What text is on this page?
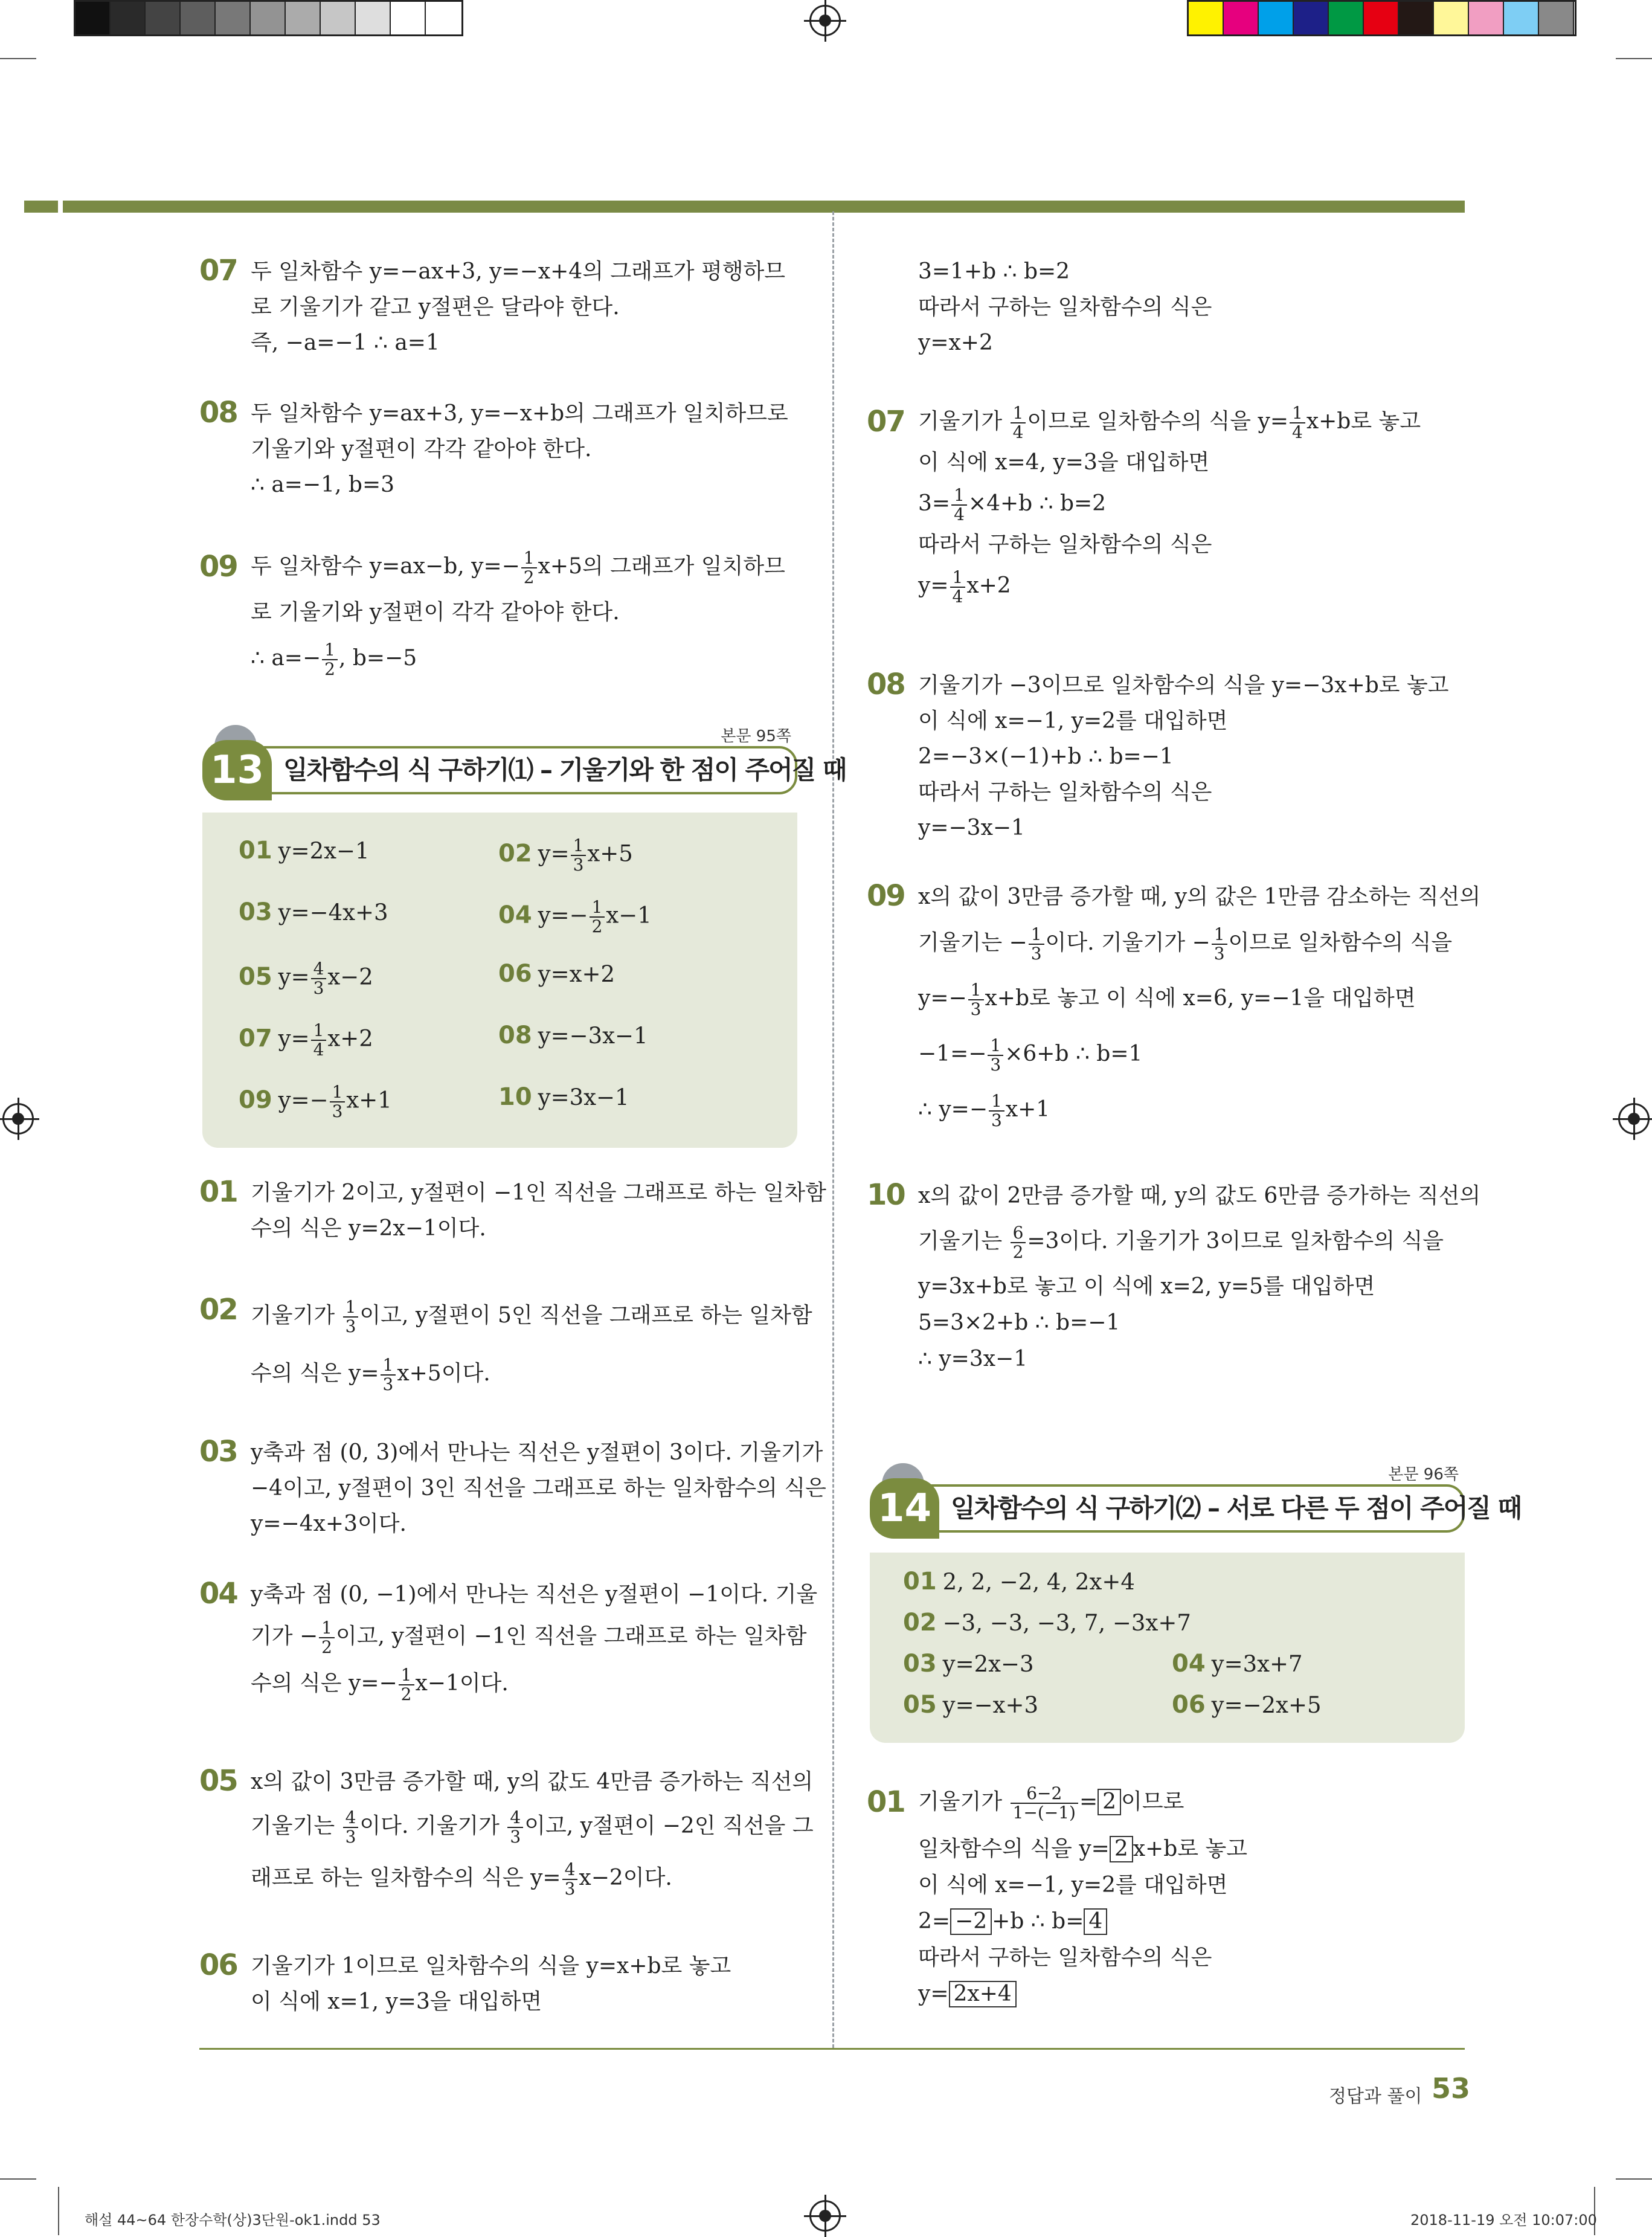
07 두 일차함수 y=−ax+3, y=−x+4의 그래프가 평행하므
로 기울기가 같고 y절편은 달라야 한다.
즉, −a=−1 ∴ a=1
08 두 일차함수 y=ax+3, y=−x+b의 그래프가 일치하므로
기울기와 y절편이 각각 같아야 한다.
∴ a=−1, b=3
09 두 일차함수 y=ax−b, $y=- \frac{1}{2} x+5$의 그래프가 일치하므
로 기울기와 y절편이 각각 같아야 한다.
∴ $a=- \frac{1}{2}$ , b=−5
본문 95쪽
일차함수의 식 구하기⑴ – 기울기와 한 점이 주어질 때
13
01 y=2x−1	02 $y= \frac{1}{3} x+5$
03 y=−4x+3	04 $y=- \frac{1}{2} x-1$
05 $y= \frac{4}{3} x-2$	06 y=x+2
07 $y= \frac{1}{4} x+2$	08 y=−3x−1
09 $y=- \frac{1}{3} x+1$	10 y=3x−1
01 기울기가 2이고, y절편이 −1인 직선을 그래프로 하는 일차함
수의 식은 y=2x−1이다.
02 기울기가 $\frac{1}{3}$ 이고, y절편이 5인 직선을 그래프로 하는 일차함
수의 식은 $y= \frac{1}{3} x+5$이다.
03 y축과 점 (0, 3)에서 만나는 직선은 y절편이 3이다. 기울기가
−4이고, y절편이 3인 직선을 그래프로 하는 일차함수의 식은
y=−4x+3이다.
04 y축과 점 (0, −1)에서 만나는 직선은 y절편이 −1이다. 기울
기가 − $\frac{1}{2}$ 이고, y절편이 −1인 직선을 그래프로 하는 일차함
수의 식은 $y=- \frac{1}{2} x-1$이다.
05 x의 값이 3만큼 증가할 때, y의 값도 4만큼 증가하는 직선의
기울기는 $\frac{4}{3}$ 이다. 기울기가 $\frac{4}{3}$ 이고, y절편이 −2인 직선을 그
래프로 하는 일차함수의 식은 $y= \frac{4}{3} x-2$이다.
06 기울기가 1이므로 일차함수의 식을 y=x+b로 놓고
이 식에 x=1, y=3을 대입하면
3=1+b ∴ b=2
따라서 구하는 일차함수의 식은
y=x+2
07 기울기가 $\frac{1}{4}$ 이므로 일차함수의 식을 $y= \frac{1}{4} x+b$로 놓고
이 식에 x=4, y=3을 대입하면
$3= \frac{1}{4} \times 4+b$ ∴ b=2
따라서 구하는 일차함수의 식은
$y= \frac{1}{4} x+2$
08 기울기가 −3이므로 일차함수의 식을 y=−3x+b로 놓고
이 식에 x=−1, y=2를 대입하면
2=−3×(−1)+b ∴ b=−1
따라서 구하는 일차함수의 식은
y=−3x−1
09 x의 값이 3만큼 증가할 때, y의 값은 1만큼 감소하는 직선의
기울기는 − $\frac{1}{3}$ 이다. 기울기가 − $\frac{1}{3}$ 이므로 일차함수의 식을
$y=- \frac{1}{3} x+b$로 놓고 이 식에 x=6, y=−1을 대입하면
$-1=- \frac{1}{3} \times 6+b$ ∴ b=1
∴ $y=- \frac{1}{3} x+1$
10 x의 값이 2만큼 증가할 때, y의 값도 6만큼 증가하는 직선의
기울기는 $\frac{6}{2} =3$이다. 기울기가 3이므로 일차함수의 식을
y=3x+b로 놓고 이 식에 x=2, y=5를 대입하면
5=3×2+b ∴ b=−1
∴ y=3x−1
본문 96쪽
일차함수의 식 구하기⑵ – 서로 다른 두 점이 주어질 때
14
01 2, 2, −2, 4, 2x+4
02 −3, −3, −3, 7, −3x+7
03 y=2x−3	04 y=3x+7
05 y=−x+3	06 y=−2x+5
01 기울기가 $\frac{6-2}{1-(-1)} = 2$ 이므로
일차함수의 식을 y= 2 x+b로 놓고
이 식에 x=−1, y=2를 대입하면
2= −2 +b ∴ b= 4
따라서 구하는 일차함수의 식은
y= 2x+4
정답과 풀이 53
해설 44~64 한장수학(상)3단원-ok1.indd 53	2018-11-19 오전 10:07:00
